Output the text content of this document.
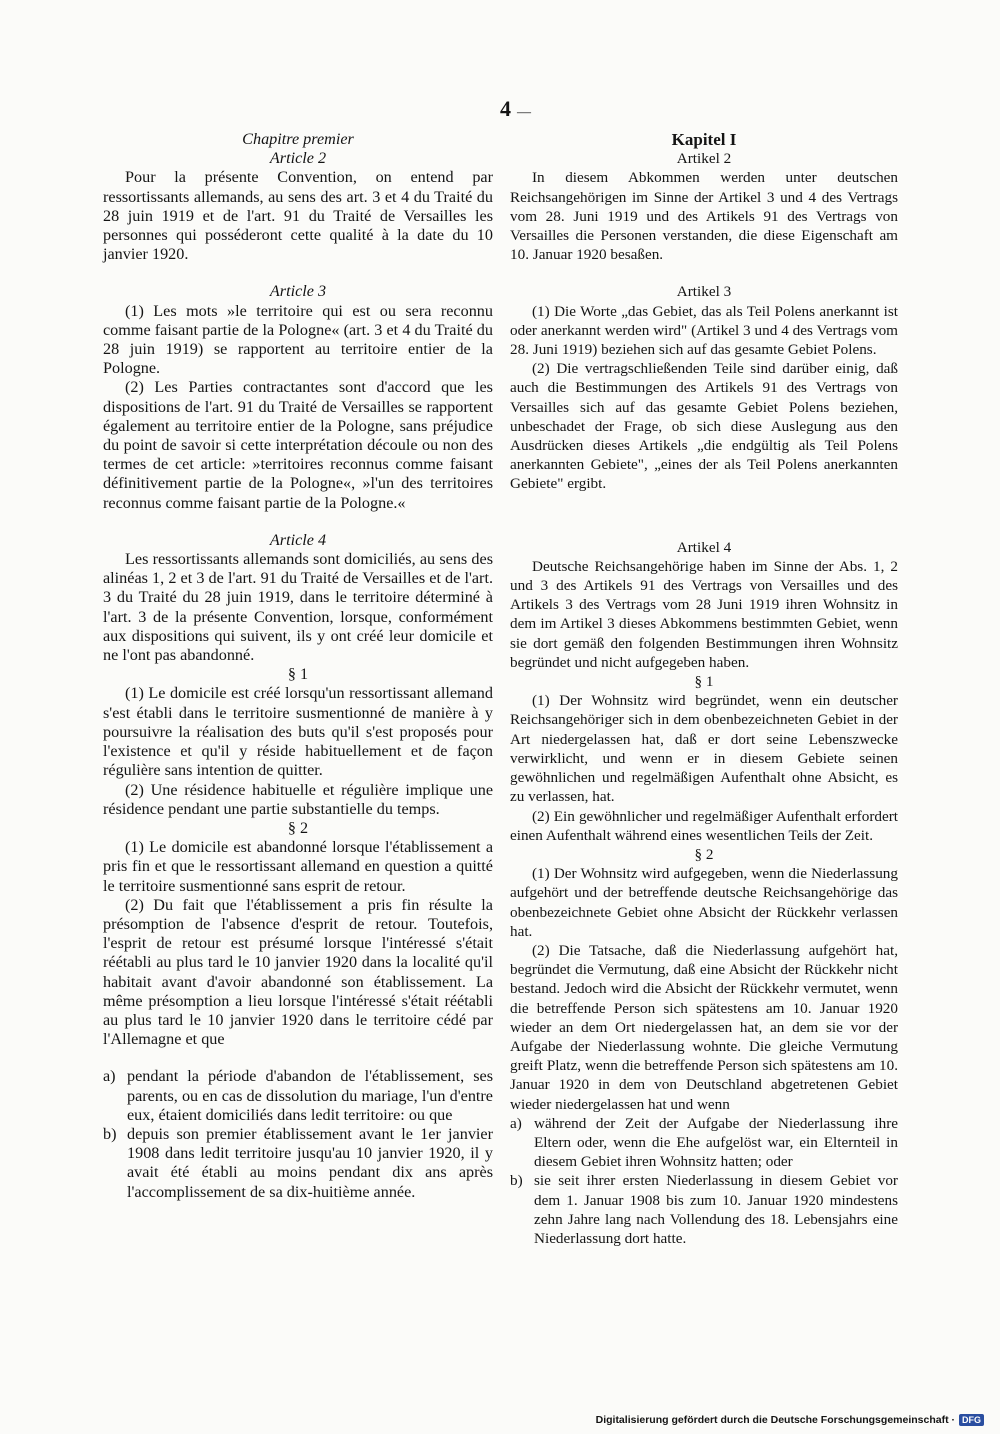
4 —

Chapitre premier

Article 2

Pour la présente Convention, on entend par ressortissants allemands, au sens des art. 3 et 4 du Traité du 28 juin 1919 et de l'art. 91 du Traité de Versailles les personnes qui posséderont cette qualité à la date du 10 janvier 1920.

Article 3

(1) Les mots »le territoire qui est ou sera reconnu comme faisant partie de la Pologne« (art. 3 et 4 du Traité du 28 juin 1919) se rapportent au territoire entier de la Pologne.

(2) Les Parties contractantes sont d'accord que les dispositions de l'art. 91 du Traité de Versailles se rapportent également au territoire entier de la Pologne, sans préjudice du point de savoir si cette interprétation découle ou non des termes de cet article: »territoires reconnus comme faisant définitivement partie de la Pologne«, »l'un des territoires reconnus comme faisant partie de la Pologne.«

Article 4

Les ressortissants allemands sont domiciliés, au sens des alinéas 1, 2 et 3 de l'art. 91 du Traité de Versailles et de l'art. 3 du Traité du 28 juin 1919, dans le territoire déterminé à l'art. 3 de la présente Convention, lorsque, conformément aux dispositions qui suivent, ils y ont créé leur domicile et ne l'ont pas abandonné.

§ 1

(1) Le domicile est créé lorsqu'un ressortissant allemand s'est établi dans le territoire susmentionné de manière à y poursuivre la réalisation des buts qu'il s'est proposés pour l'existence et qu'il y réside habituellement et de façon régulière sans intention de quitter.

(2) Une résidence habituelle et régulière implique une résidence pendant une partie substantielle du temps.

§ 2

(1) Le domicile est abandonné lorsque l'établissement a pris fin et que le ressortissant allemand en question a quitté le territoire susmentionné sans esprit de retour.

(2) Du fait que l'établissement a pris fin résulte la présomption de l'absence d'esprit de retour. Toutefois, l'esprit de retour est présumé lorsque l'intéressé s'était réétabli au plus tard le 10 janvier 1920 dans la localité qu'il habitait avant d'avoir abandonné son établissement. La même présomption a lieu lorsque l'intéressé s'était réétabli au plus tard le 10 janvier 1920 dans le territoire cédé par l'Allemagne et que

a) pendant la période d'abandon de l'établissement, ses parents, ou en cas de dissolution du mariage, l'un d'entre eux, étaient domiciliés dans ledit territoire: ou que
b) depuis son premier établissement avant le 1er janvier 1908 dans ledit territoire jusqu'au 10 janvier 1920, il y avait été établi au moins pendant dix ans après l'accomplissement de sa dix-huitième année.

Kapitel I

Artikel 2

In diesem Abkommen werden unter deutschen Reichsangehörigen im Sinne der Artikel 3 und 4 des Vertrags vom 28. Juni 1919 und des Artikels 91 des Vertrags von Versailles die Personen verstanden, die diese Eigenschaft am 10. Januar 1920 besaßen.

Artikel 3

(1) Die Worte „das Gebiet, das als Teil Polens anerkannt ist oder anerkannt werden wird" (Artikel 3 und 4 des Vertrags vom 28. Juni 1919) beziehen sich auf das gesamte Gebiet Polens.

(2) Die vertragschließenden Teile sind darüber einig, daß auch die Bestimmungen des Artikels 91 des Vertrags von Versailles sich auf das gesamte Gebiet Polens beziehen, unbeschadet der Frage, ob sich diese Auslegung aus den Ausdrücken dieses Artikels „die endgültig als Teil Polens anerkannten Gebiete", „eines der als Teil Polens anerkannten Gebiete" ergibt.

Artikel 4

Deutsche Reichsangehörige haben im Sinne der Abs. 1, 2 und 3 des Artikels 91 des Vertrags von Versailles und des Artikels 3 des Vertrags vom 28 Juni 1919 ihren Wohnsitz in dem im Artikel 3 dieses Abkommens bestimmten Gebiet, wenn sie dort gemäß den folgenden Bestimmungen ihren Wohnsitz begründet und nicht aufgegeben haben.

§ 1

(1) Der Wohnsitz wird begründet, wenn ein deutscher Reichsangehöriger sich in dem obenbezeichneten Gebiet in der Art niedergelassen hat, daß er dort seine Lebenszwecke verwirklicht, und wenn er in diesem Gebiete seinen gewöhnlichen und regelmäßigen Aufenthalt ohne Absicht, es zu verlassen, hat.

(2) Ein gewöhnlicher und regelmäßiger Aufenthalt erfordert einen Aufenthalt während eines wesentlichen Teils der Zeit.

§ 2

(1) Der Wohnsitz wird aufgegeben, wenn die Niederlassung aufgehört und der betreffende deutsche Reichsangehörige das obenbezeichnete Gebiet ohne Absicht der Rückkehr verlassen hat.

(2) Die Tatsache, daß die Niederlassung aufgehört hat, begründet die Vermutung, daß eine Absicht der Rückkehr nicht bestand. Jedoch wird die Absicht der Rückkehr vermutet, wenn die betreffende Person sich spätestens am 10. Januar 1920 wieder an dem Ort niedergelassen hat, an dem sie vor der Aufgabe der Niederlassung wohnte. Die gleiche Vermutung greift Platz, wenn die betreffende Person sich spätestens am 10. Januar 1920 in dem von Deutschland abgetretenen Gebiet wieder niedergelassen hat und wenn

a) während der Zeit der Aufgabe der Niederlassung ihre Eltern oder, wenn die Ehe aufgelöst war, ein Elternteil in diesem Gebiet ihren Wohnsitz hatten; oder
b) sie seit ihrer ersten Niederlassung in diesem Gebiet vor dem 1. Januar 1908 bis zum 10. Januar 1920 mindestens zehn Jahre lang nach Vollendung des 18. Lebensjahrs eine Niederlassung dort hatte.
Digitalisierung gefördert durch die Deutsche Forschungsgemeinschaft · DFG
